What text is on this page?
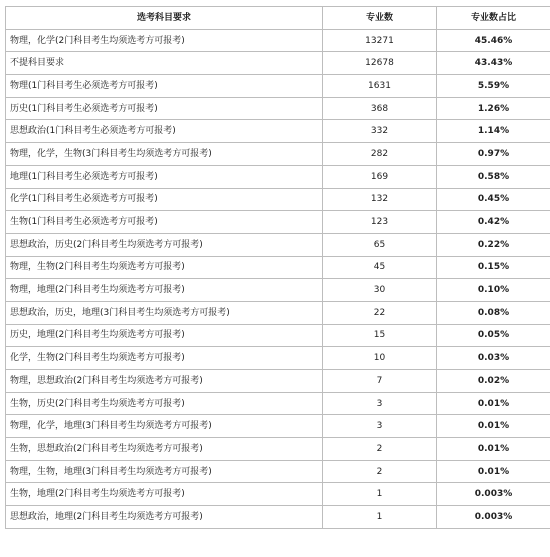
选考科目要求	专业数	专业数占比
物理，化学(2门科目考生均须选考方可报考)	13271	45.46%
不提科目要求	12678	43.43%
物理(1门科目考生必须选考方可报考)	1631	5.59%
历史(1门科目考生必须选考方可报考)	368	1.26%
思想政治(1门科目考生必须选考方可报考)	332	1.14%
物理，化学，生物(3门科目考生均须选考方可报考)	282	0.97%
地理(1门科目考生必须选考方可报考)	169	0.58%
化学(1门科目考生必须选考方可报考)	132	0.45%
生物(1门科目考生必须选考方可报考)	123	0.42%
思想政治，历史(2门科目考生均须选考方可报考)	65	0.22%
物理，生物(2门科目考生均须选考方可报考)	45	0.15%
物理，地理(2门科目考生均须选考方可报考)	30	0.10%
思想政治，历史，地理(3门科目考生均须选考方可报考)	22	0.08%
历史，地理(2门科目考生均须选考方可报考)	15	0.05%
化学，生物(2门科目考生均须选考方可报考)	10	0.03%
物理，思想政治(2门科目考生均须选考方可报考)	7	0.02%
生物，历史(2门科目考生均须选考方可报考)	3	0.01%
物理，化学，地理(3门科目考生均须选考方可报考)	3	0.01%
生物，思想政治(2门科目考生均须选考方可报考)	2	0.01%
物理，生物，地理(3门科目考生均须选考方可报考)	2	0.01%
生物，地理(2门科目考生均须选考方可报考)	1	0.003%
思想政治，地理(2门科目考生均须选考方可报考)	1	0.003%
